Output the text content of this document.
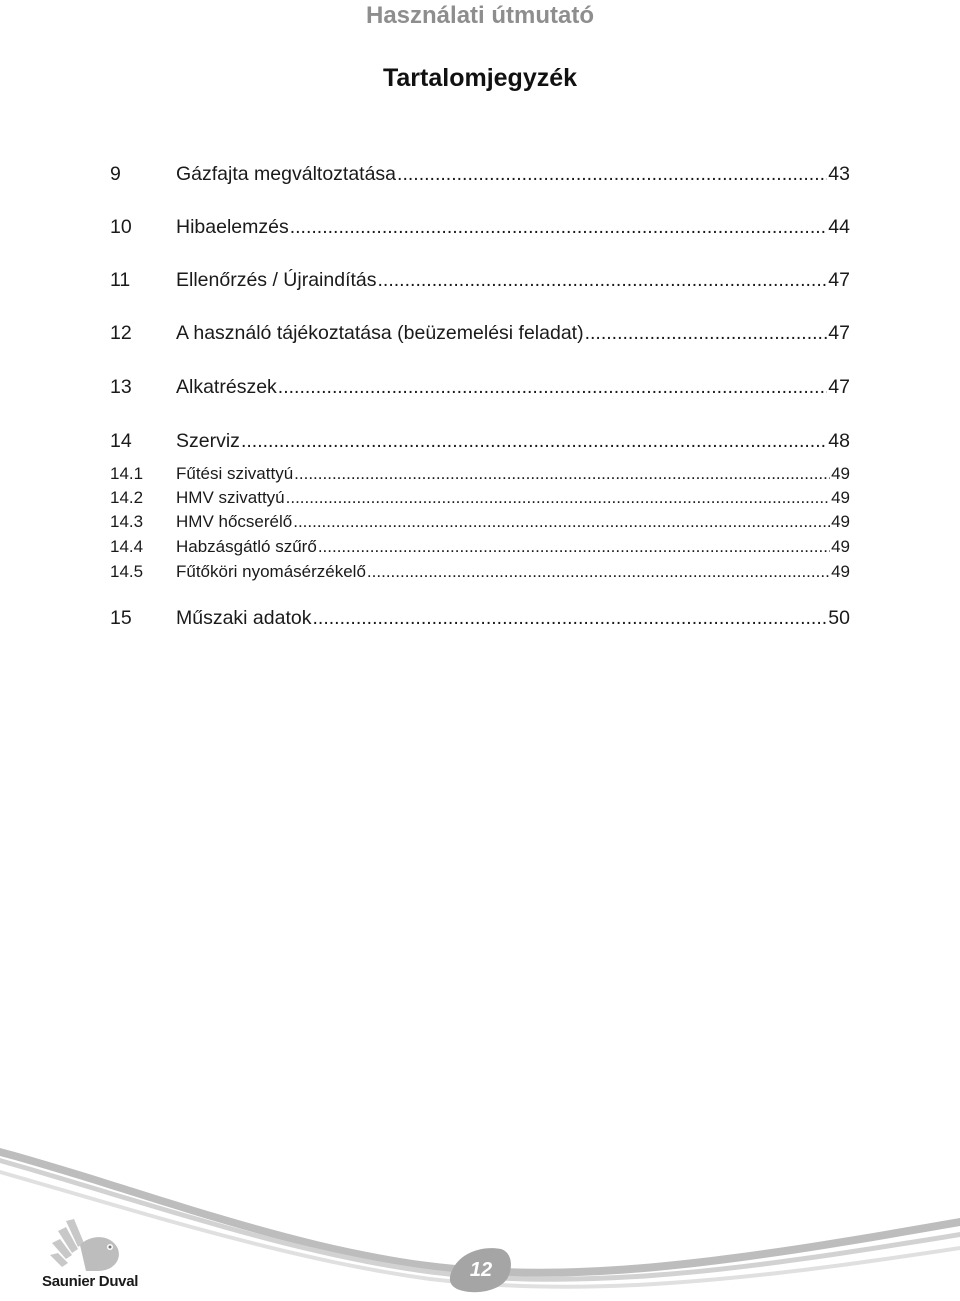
Használati útmutató
Tartalomjegyzék
9	Gázfajta megváltoztatása .....	43
10	Hibaelemzés .....	44
11	Ellenőrzés / Újraindítás .....	47
12	A használó tájékoztatása (beüzemelési feladat) .....	47
13	Alkatrészek .....	47
14	Szerviz .....	48
14.1	Fűtési szivattyú .....	49
14.2	HMV szivattyú .....	49
14.3	HMV hőcserélő .....	49
14.4	Habzásgátló szűrő .....	49
14.5	Fűtőköri nyomásérzékelő .....	49
15	Műszaki adatok .....	50
12
Saunier Duval
